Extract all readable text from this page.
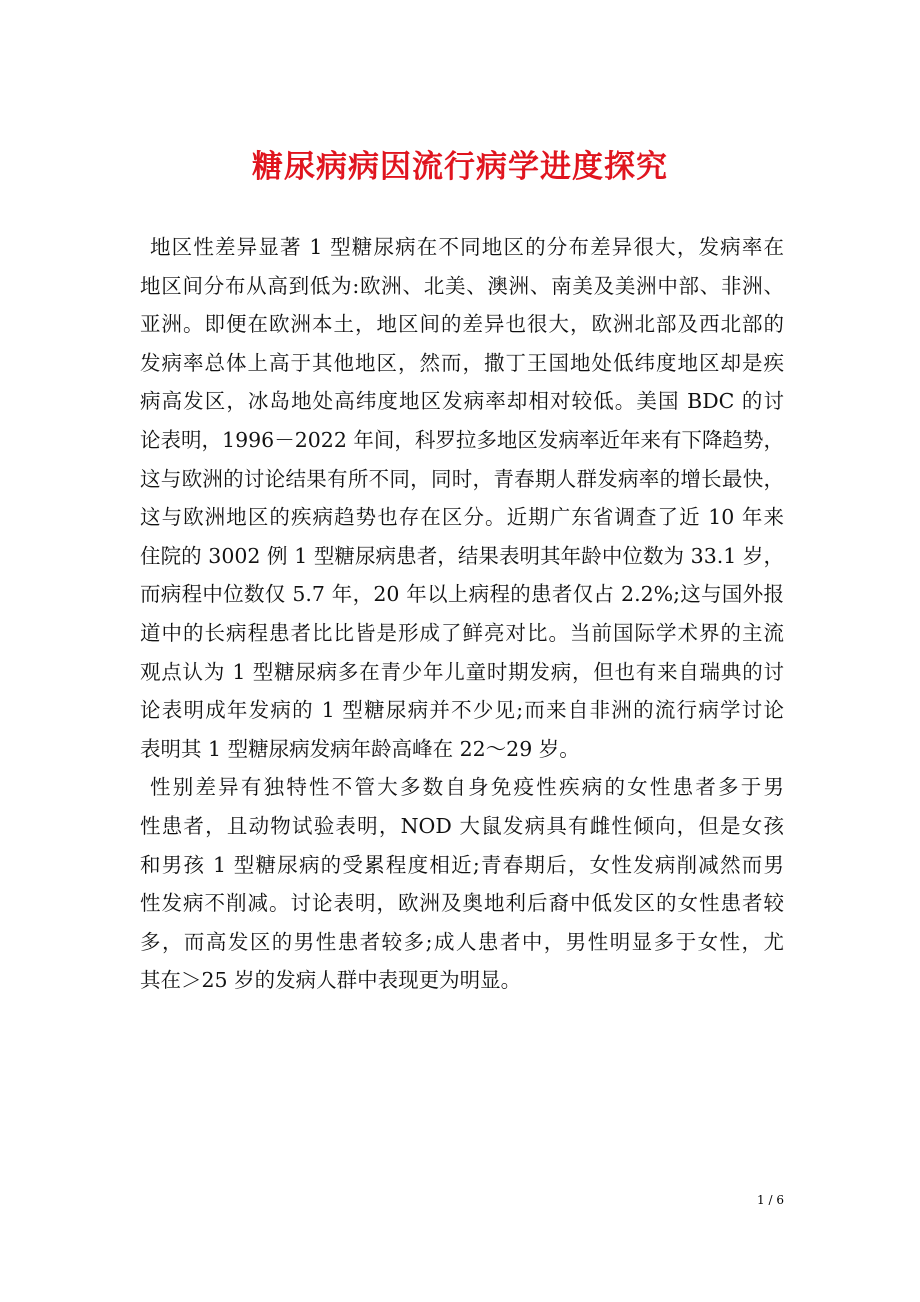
糖尿病病因流行病学进度探究
地区性差异显著 1 型糖尿病在不同地区的分布差异很大，发病率在
地区间分布从高到低为:欧洲、北美、澳洲、南美及美洲中部、非洲、
亚洲。即便在欧洲本土，地区间的差异也很大，欧洲北部及西北部的
发病率总体上高于其他地区，然而，撒丁王国地处低纬度地区却是疾
病高发区，冰岛地处高纬度地区发病率却相对较低。美国 BDC 的讨
论表明，1996－2022 年间，科罗拉多地区发病率近年来有下降趋势，
这与欧洲的讨论结果有所不同，同时，青春期人群发病率的增长最快，
这与欧洲地区的疾病趋势也存在区分。近期广东省调查了近 10 年来
住院的 3002 例 1 型糖尿病患者，结果表明其年龄中位数为 33.1 岁，
而病程中位数仅 5.7 年，20 年以上病程的患者仅占 2.2%;这与国外报
道中的长病程患者比比皆是形成了鲜亮对比。当前国际学术界的主流
观点认为 1 型糖尿病多在青少年儿童时期发病，但也有来自瑞典的讨
论表明成年发病的 1 型糖尿病并不少见;而来自非洲的流行病学讨论
表明其 1 型糖尿病发病年龄高峰在 22～29 岁。
性别差异有独特性不管大多数自身免疫性疾病的女性患者多于男
性患者，且动物试验表明，NOD 大鼠发病具有雌性倾向，但是女孩
和男孩 1 型糖尿病的受累程度相近;青春期后，女性发病削减然而男
性发病不削减。讨论表明，欧洲及奥地利后裔中低发区的女性患者较
多，而高发区的男性患者较多;成人患者中，男性明显多于女性，尤
其在＞25 岁的发病人群中表现更为明显。
1 / 6
